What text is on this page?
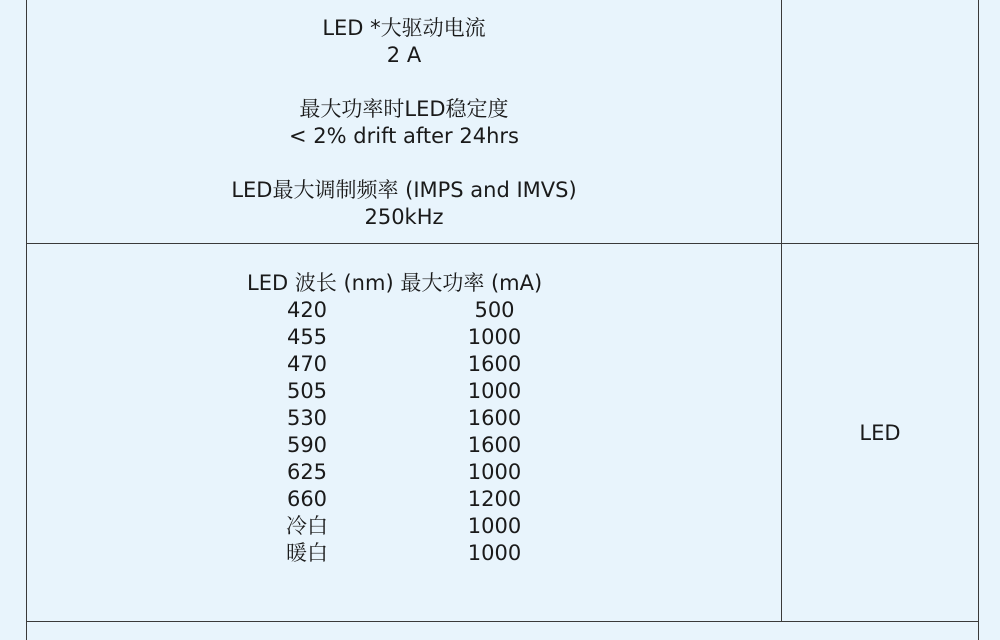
LED *大驱动电流
2 A
最大功率时LED稳定度
< 2% drift after 24hrs
LED最大调制频率 (IMPS and IMVS)
250kHz
LED 波长 (nm) 最大功率 (mA)
420	500
455	1000
470	1600
505	1000
530	1600
590	1600
625	1000
660	1200
冷白	1000
暖白	1000
LED
